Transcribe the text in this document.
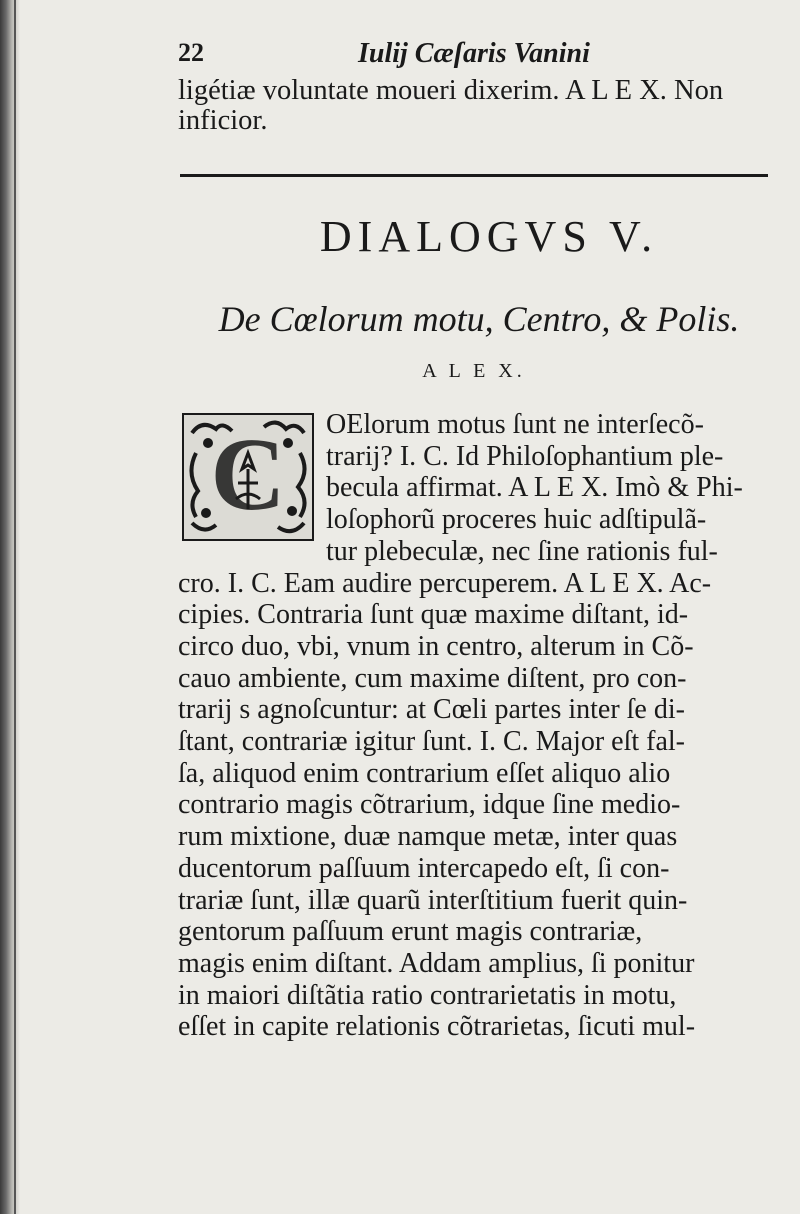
22	Iulij Cæſaris Vanini
ligétiæ voluntate moueri dixerim. A L E X. Non
inficior.
DIALOGVS V.
De Cœlorum motu, Centro, & Polis.
A L E X.
C	OElorum motus ſunt ne interſecõ-
trarij? I. C. Id Philoſophantium ple-
becula affirmat. A L E X. Imò & Phi-
loſophorũ proceres huic adſtipulã-
tur plebeculæ, nec ſine rationis ful-
cro. I. C. Eam audire percuperem. A L E X. Ac-
cipies. Contraria ſunt quæ maxime diſtant, id-
circo duo, vbi, vnum in centro, alterum in Cõ-
cauo ambiente, cum maxime diſtent, pro con-
trarij s agnoſcuntur: at Cœli partes inter ſe di-
ſtant, contrariæ igitur ſunt. I. C. Major eſt fal-
ſa, aliquod enim contrarium eſſet aliquo alio
contrario magis cõtrarium, idque ſine medio-
rum mixtione, duæ namque metæ, inter quas
ducentorum paſſuum intercapedo eſt, ſi con-
trariæ ſunt, illæ quarũ interſtitium fuerit quin-
gentorum paſſuum erunt magis contrariæ,
magis enim diſtant. Addam amplius, ſi ponitur
in maiori diſtãtia ratio contrarietatis in motu,
eſſet in capite relationis cõtrarietas, ſicuti mul-
